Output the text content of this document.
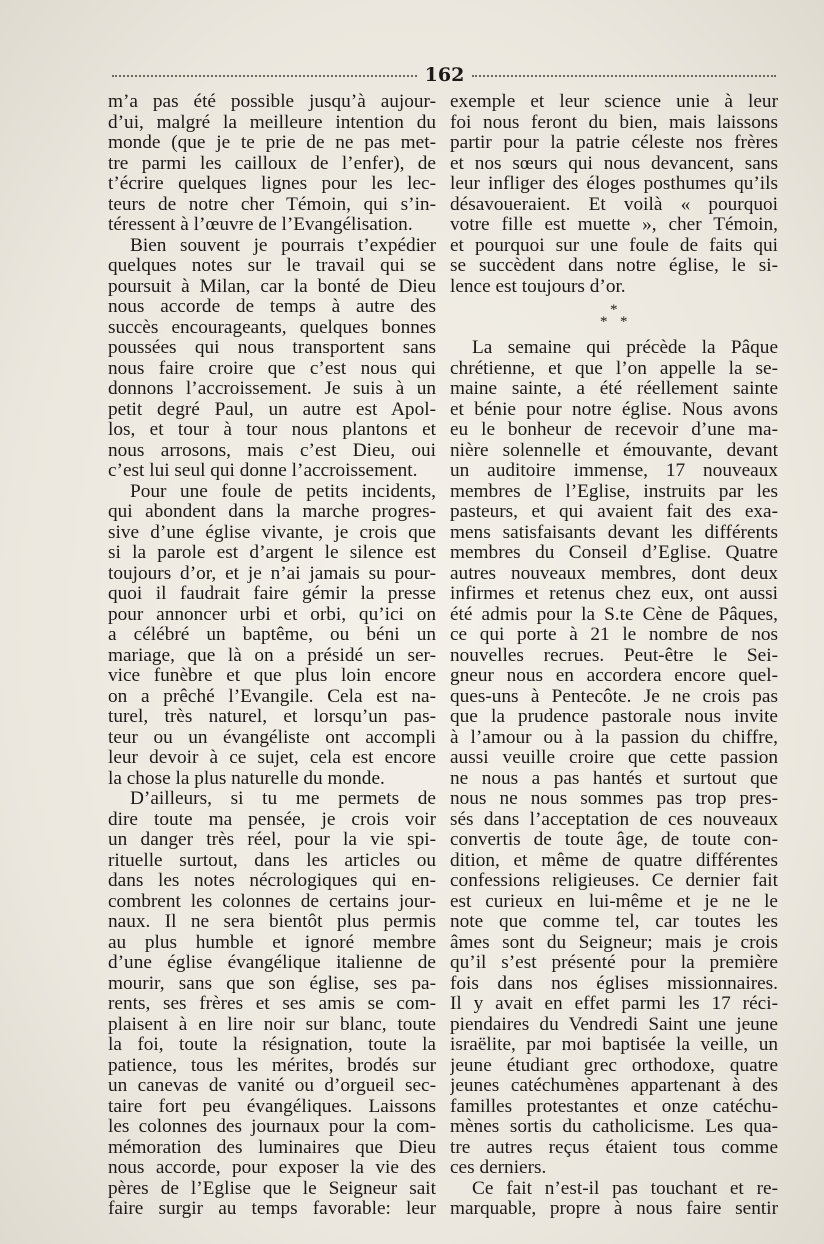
162
m’a pas été possible jusqu’à aujour-
d’ui, malgré la meilleure intention du
monde (que je te prie de ne pas met-
tre parmi les cailloux de l’enfer), de
t’écrire quelques lignes pour les lec-
teurs de notre cher Témoin, qui s’in-
téressent à l’œuvre de l’Evangélisation.
Bien souvent je pourrais t’expédier
quelques notes sur le travail qui se
poursuit à Milan, car la bonté de Dieu
nous accorde de temps à autre des
succès encourageants, quelques bonnes
poussées qui nous transportent sans
nous faire croire que c’est nous qui
donnons l’accroissement. Je suis à un
petit degré Paul, un autre est Apol-
los, et tour à tour nous plantons et
nous arrosons, mais c’est Dieu, oui
c’est lui seul qui donne l’accroissement.
Pour une foule de petits incidents,
qui abondent dans la marche progres-
sive d’une église vivante, je crois que
si la parole est d’argent le silence est
toujours d’or, et je n’ai jamais su pour-
quoi il faudrait faire gémir la presse
pour annoncer urbi et orbi, qu’ici on
a célébré un baptême, ou béni un
mariage, que là on a présidé un ser-
vice funèbre et que plus loin encore
on a prêché l’Evangile. Cela est na-
turel, très naturel, et lorsqu’un pas-
teur ou un évangéliste ont accompli
leur devoir à ce sujet, cela est encore
la chose la plus naturelle du monde.
D’ailleurs, si tu me permets de
dire toute ma pensée, je crois voir
un danger très réel, pour la vie spi-
rituelle surtout, dans les articles ou
dans les notes nécrologiques qui en-
combrent les colonnes de certains jour-
naux. Il ne sera bientôt plus permis
au plus humble et ignoré membre
d’une église évangélique italienne de
mourir, sans que son église, ses pa-
rents, ses frères et ses amis se com-
plaisent à en lire noir sur blanc, toute
la foi, toute la résignation, toute la
patience, tous les mérites, brodés sur
un canevas de vanité ou d’orgueil sec-
taire fort peu évangéliques. Laissons
les colonnes des journaux pour la com-
mémoration des luminaires que Dieu
nous accorde, pour exposer la vie des
pères de l’Eglise que le Seigneur sait
faire surgir au temps favorable: leur
exemple et leur science unie à leur
foi nous feront du bien, mais laissons
partir pour la patrie céleste nos frères
et nos sœurs qui nous devancent, sans
leur infliger des éloges posthumes qu’ils
désavoueraient. Et voilà « pourquoi
votre fille est muette », cher Témoin,
et pourquoi sur une foule de faits qui
se succèdent dans notre église, le si-
lence est toujours d’or.
*
* *
La semaine qui précède la Pâque
chrétienne, et que l’on appelle la se-
maine sainte, a été réellement sainte
et bénie pour notre église. Nous avons
eu le bonheur de recevoir d’une ma-
nière solennelle et émouvante, devant
un auditoire immense, 17 nouveaux
membres de l’Eglise, instruits par les
pasteurs, et qui avaient fait des exa-
mens satisfaisants devant les différents
membres du Conseil d’Eglise. Quatre
autres nouveaux membres, dont deux
infirmes et retenus chez eux, ont aussi
été admis pour la S.te Cène de Pâques,
ce qui porte à 21 le nombre de nos
nouvelles recrues. Peut-être le Sei-
gneur nous en accordera encore quel-
ques-uns à Pentecôte. Je ne crois pas
que la prudence pastorale nous invite
à l’amour ou à la passion du chiffre,
aussi veuille croire que cette passion
ne nous a pas hantés et surtout que
nous ne nous sommes pas trop pres-
sés dans l’acceptation de ces nouveaux
convertis de toute âge, de toute con-
dition, et même de quatre différentes
confessions religieuses. Ce dernier fait
est curieux en lui-même et je ne le
note que comme tel, car toutes les
âmes sont du Seigneur; mais je crois
qu’il s’est présenté pour la première
fois dans nos églises missionnaires.
Il y avait en effet parmi les 17 réci-
piendaires du Vendredi Saint une jeune
israëlite, par moi baptisée la veille, un
jeune étudiant grec orthodoxe, quatre
jeunes catéchumènes appartenant à des
familles protestantes et onze catéchu-
mènes sortis du catholicisme. Les qua-
tre autres reçus étaient tous comme
ces derniers.
Ce fait n’est-il pas touchant et re-
marquable, propre à nous faire sentir
